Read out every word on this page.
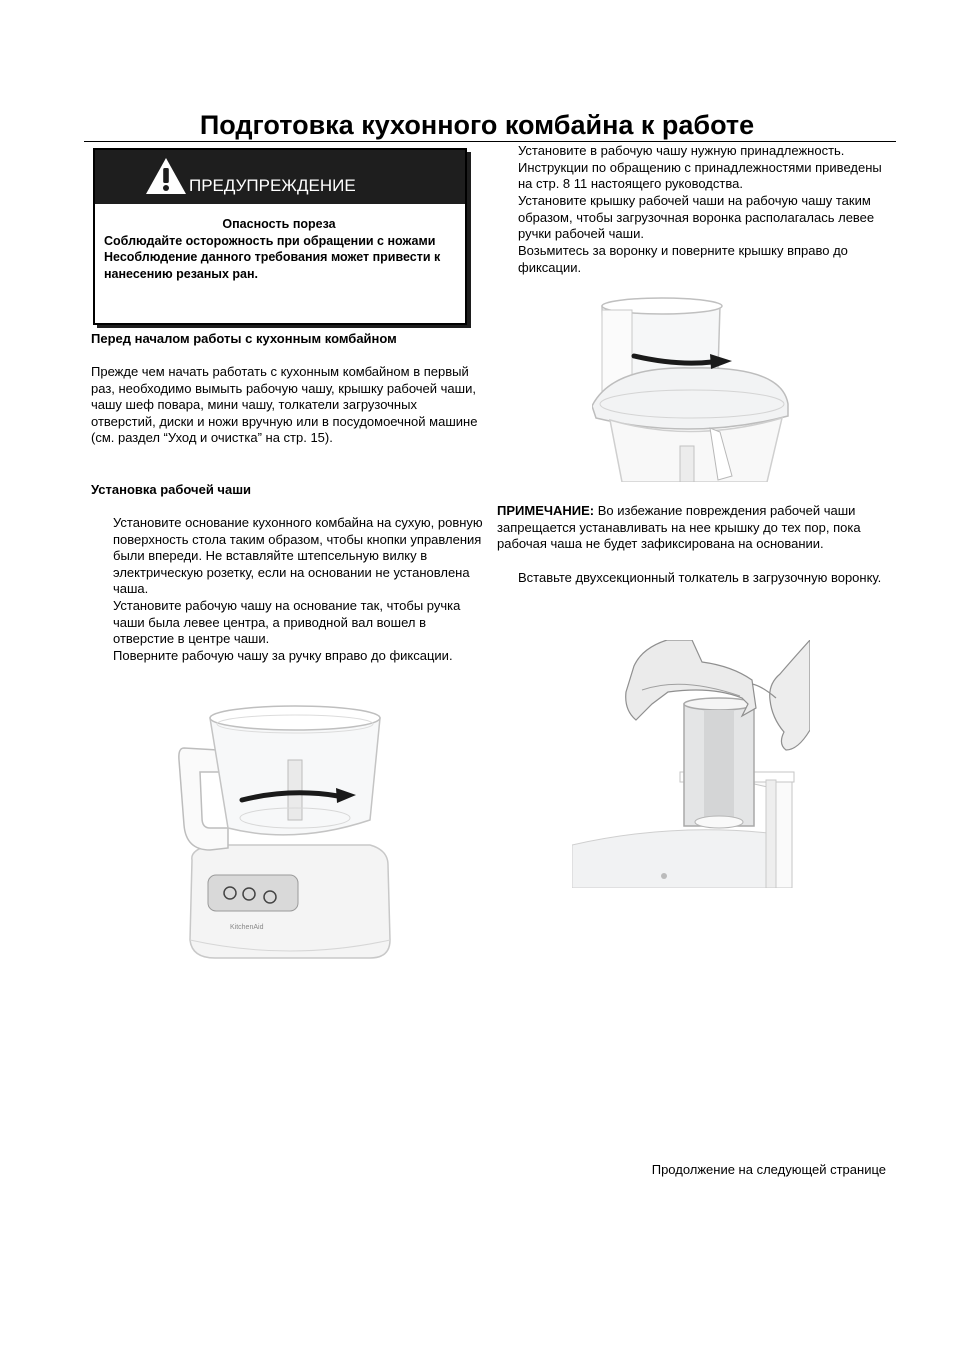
Подготовка кухонного комбайна к работе
ПРЕДУПРЕЖДЕНИЕ
Опасность пореза
Соблюдайте осторожность при обращении с ножами
Несоблюдение данного требования может привести к нанесению резаных ран.
Перед началом работы с кухонным комбайном
Прежде чем начать работать с кухонным комбайном в первый раз, необходимо вымыть рабочую чашу, крышку рабочей чаши, чашу шеф повара, мини чашу, толкатели загрузочных отверстий, диски и ножи вручную или в посудомоечной машине (см. раздел “Уход и очистка” на стр. 15).
Установка рабочей чаши
Установите основание кухонного комбайна на сухую, ровную поверхность стола таким образом, чтобы кнопки управления были впереди. Не вставляйте штепсельную вилку в электрическую розетку, если на основании не установлена чаша.
Установите рабочую чашу на основание так, чтобы ручка чаши была левее центра, а приводной вал вошел в отверстие в центре чаши.
Поверните рабочую чашу за ручку вправо до фиксации.
Установите в рабочую чашу нужную принадлежность. Инструкции по обращению с принадлежностями приведены на стр. 8 11 настоящего руководства.
Установите крышку рабочей чаши на рабочую чашу таким образом, чтобы загрузочная воронка располагалась левее ручки рабочей чаши.
Возьмитесь за воронку и поверните крышку вправо до фиксации.
ПРИМЕЧАНИЕ: Во избежание повреждения рабочей чаши запрещается устанавливать на нее крышку до тех пор, пока рабочая чаша не будет зафиксирована на основании.
Вставьте двухсекционный толкатель в загрузочную воронку.
Продолжение на следующей странице
KitchenAid
